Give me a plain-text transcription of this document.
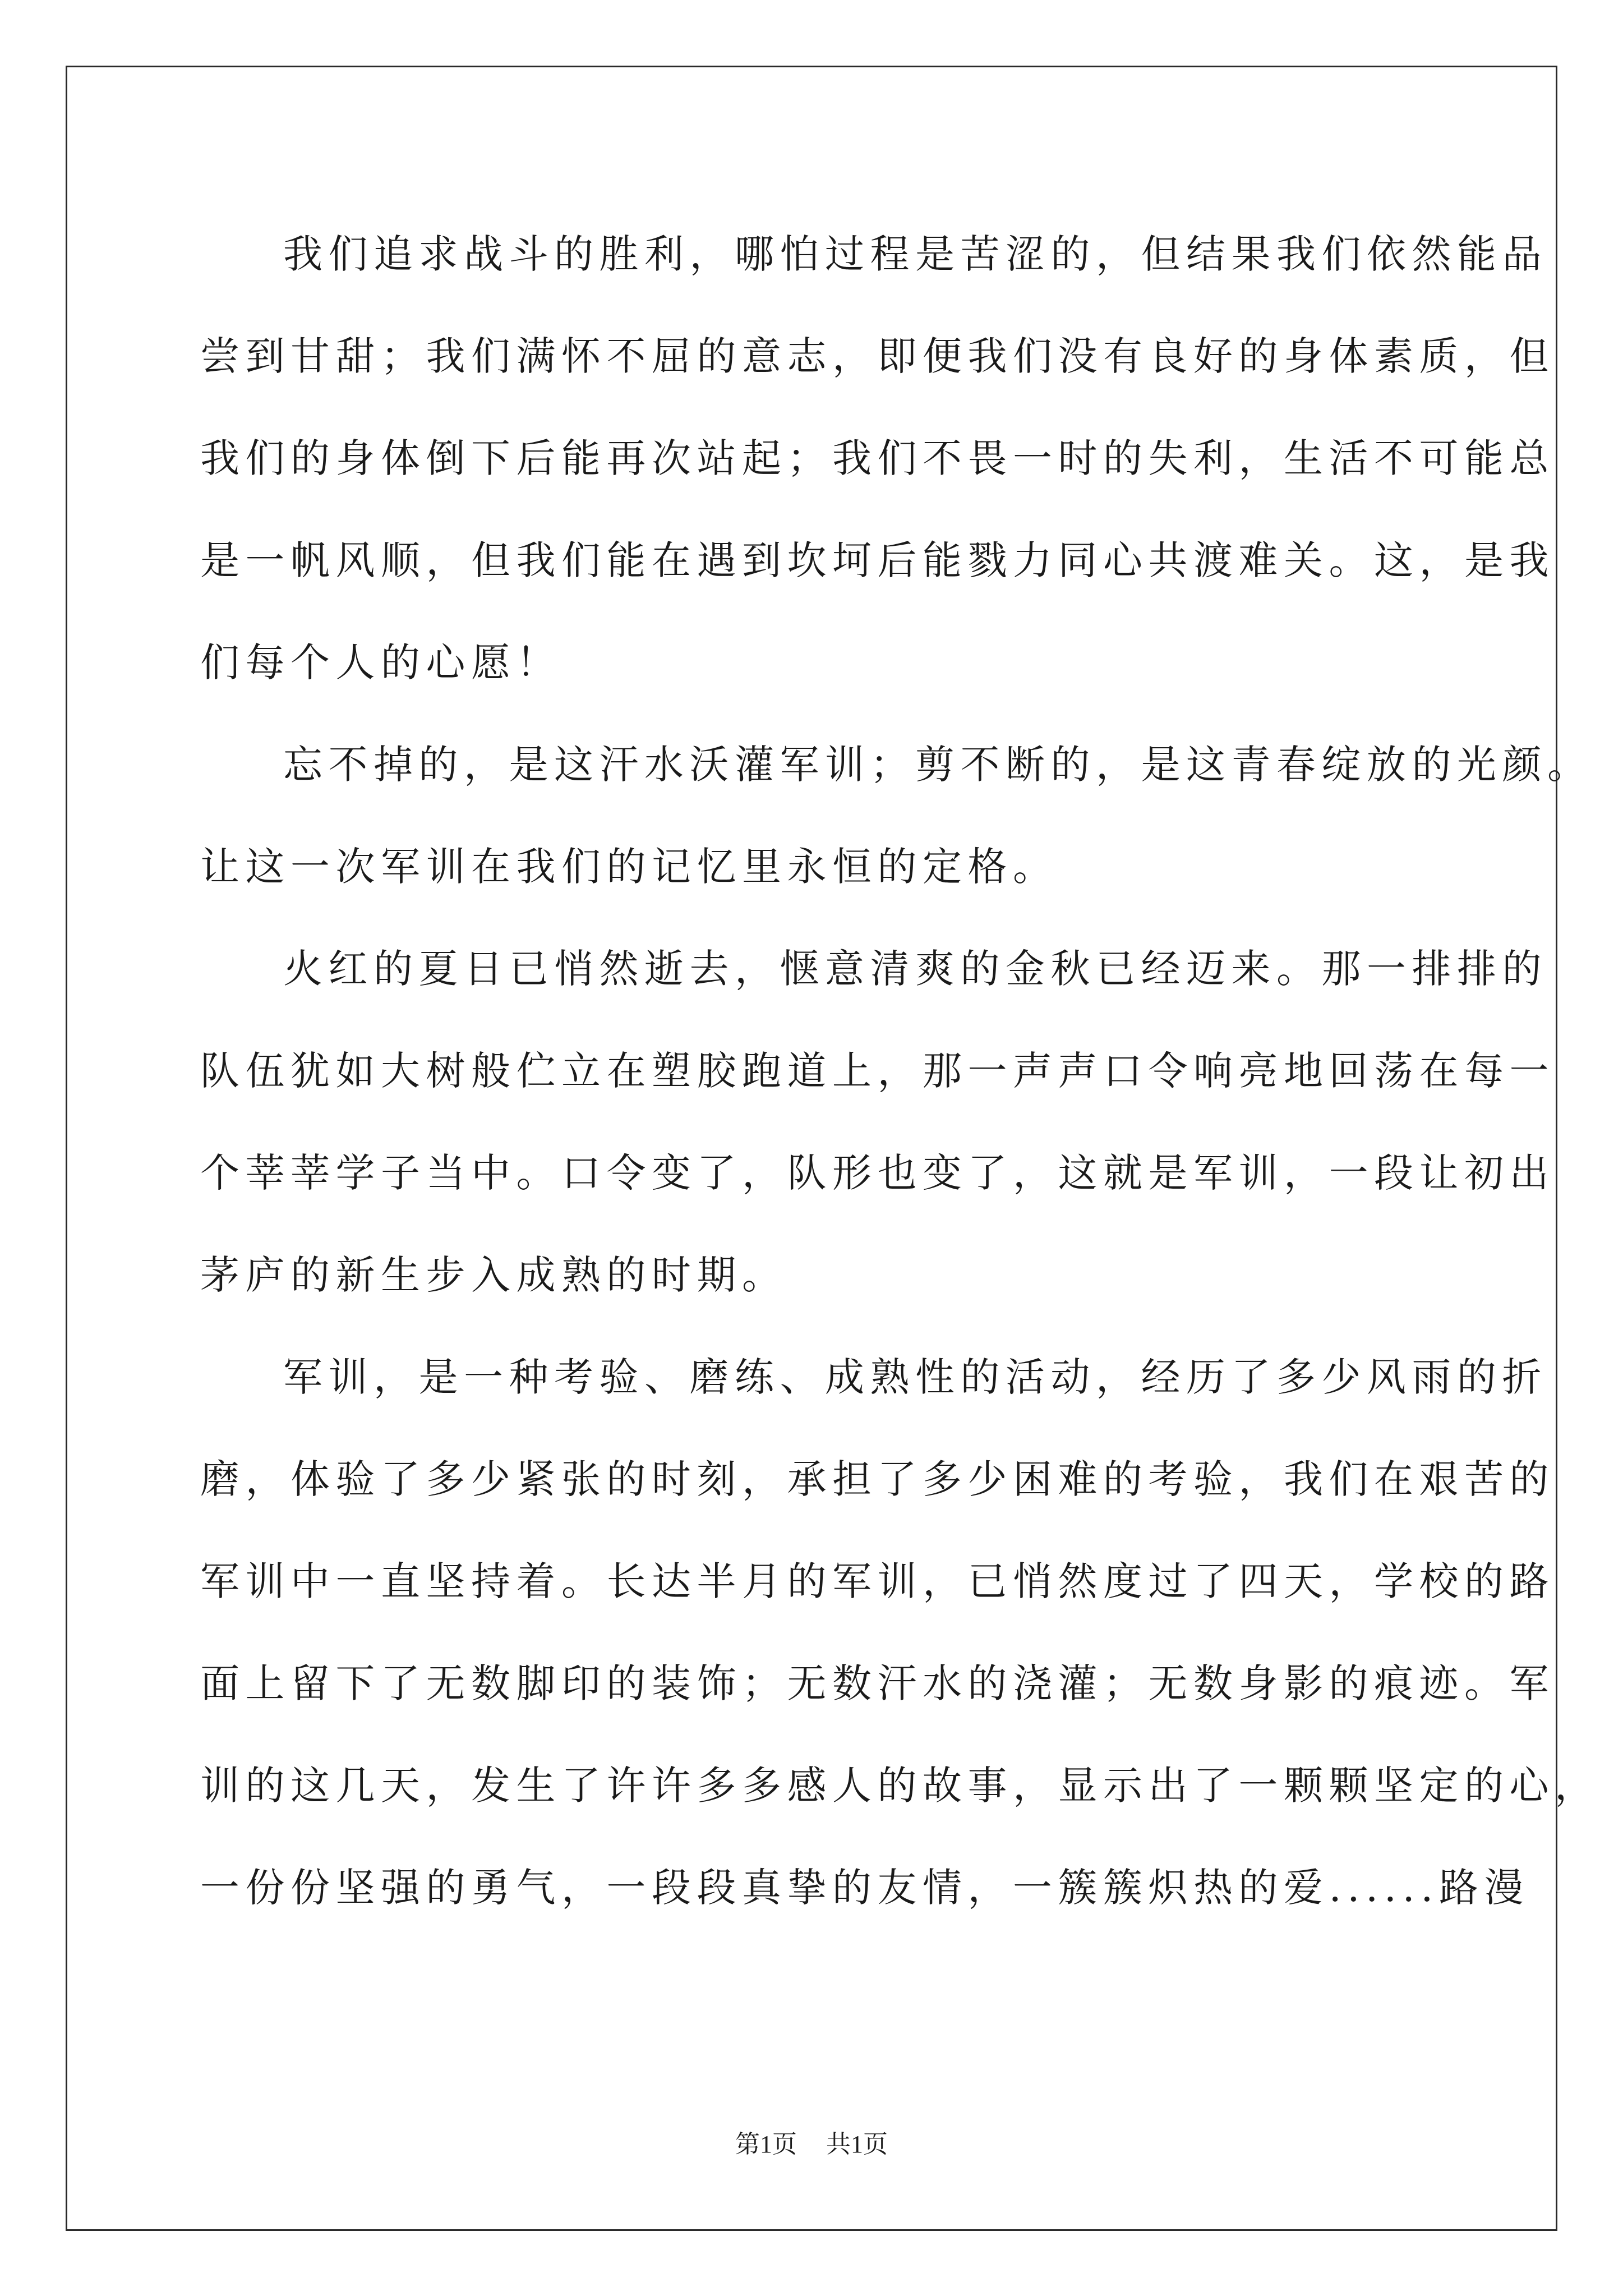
我们追求战斗的胜利，哪怕过程是苦涩的，但结果我们依然能品
尝到甘甜；我们满怀不屈的意志，即便我们没有良好的身体素质，但
我们的身体倒下后能再次站起；我们不畏一时的失利，生活不可能总
是一帆风顺，但我们能在遇到坎坷后能戮力同心共渡难关。这，是我
们每个人的心愿！

忘不掉的，是这汗水沃灌军训；剪不断的，是这青春绽放的光颜。
让这一次军训在我们的记忆里永恒的定格。

火红的夏日已悄然逝去，惬意清爽的金秋已经迈来。那一排排的
队伍犹如大树般伫立在塑胶跑道上，那一声声口令响亮地回荡在每一
个莘莘学子当中。口令变了，队形也变了，这就是军训，一段让初出
茅庐的新生步入成熟的时期。

军训，是一种考验、磨练、成熟性的活动，经历了多少风雨的折
磨，体验了多少紧张的时刻，承担了多少困难的考验，我们在艰苦的
军训中一直坚持着。长达半月的军训，已悄然度过了四天，学校的路
面上留下了无数脚印的装饰；无数汗水的浇灌；无数身影的痕迹。军
训的这几天，发生了许许多多感人的故事，显示出了一颗颗坚定的心，
一份份坚强的勇气，一段段真挚的友情，一簇簇炽热的爱......路漫

第1页 共1页
